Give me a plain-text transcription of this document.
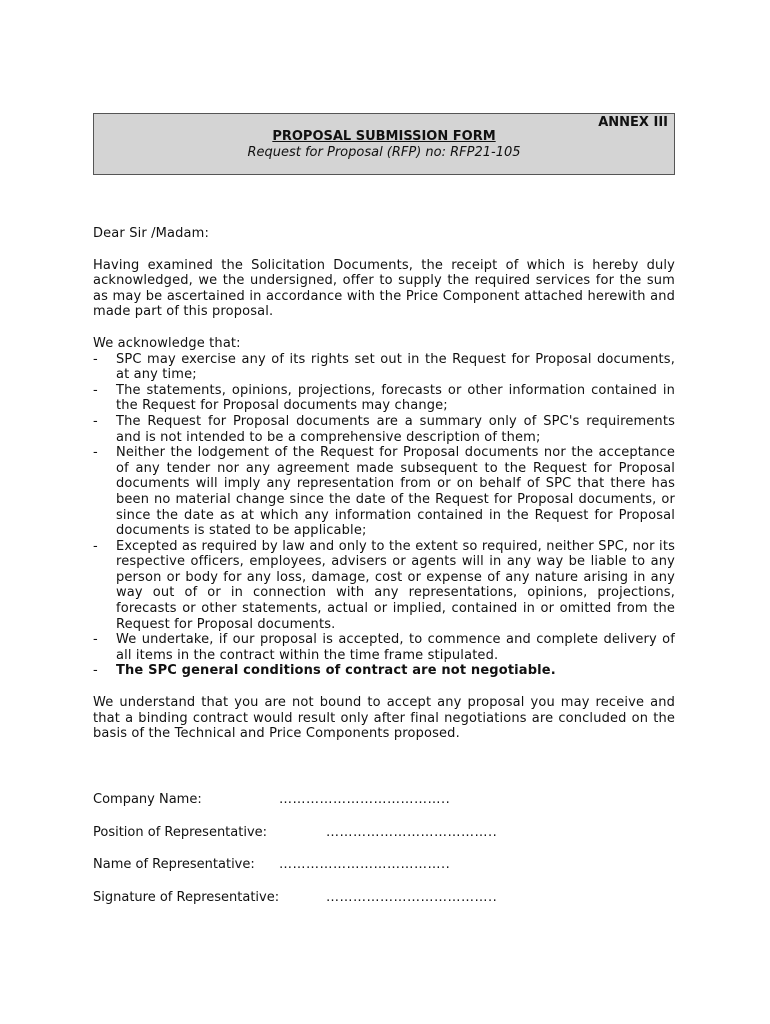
ANNEX III
PROPOSAL SUBMISSION FORM
Request for Proposal (RFP) no: RFP21-105

Dear Sir /Madam:

Having examined the Solicitation Documents, the receipt of which is hereby duly acknowledged, we the undersigned, offer to supply the required services for the sum as may be ascertained in accordance with the Price Component attached herewith and made part of this proposal.

We acknowledge that:

- SPC may exercise any of its rights set out in the Request for Proposal documents, at any time;
- The statements, opinions, projections, forecasts or other information contained in the Request for Proposal documents may change;
- The Request for Proposal documents are a summary only of SPC's requirements and is not intended to be a comprehensive description of them;
- Neither the lodgement of the Request for Proposal documents nor the acceptance of any tender nor any agreement made subsequent to the Request for Proposal documents will imply any representation from or on behalf of SPC that there has been no material change since the date of the Request for Proposal documents, or since the date as at which any information contained in the Request for Proposal documents is stated to be applicable;
- Excepted as required by law and only to the extent so required, neither SPC, nor its respective officers, employees, advisers or agents will in any way be liable to any person or body for any loss, damage, cost or expense of any nature arising in any way out of or in connection with any representations, opinions, projections, forecasts or other statements, actual or implied, contained in or omitted from the Request for Proposal documents.
- We undertake, if our proposal is accepted, to commence and complete delivery of all items in the contract within the time frame stipulated.
- The SPC general conditions of contract are not negotiable.

We understand that you are not bound to accept any proposal you may receive and that a binding contract would result only after final negotiations are concluded on the basis of the Technical and Price Components proposed.

Company Name:	………………………………..
Position of Representative:	………………………………..
Name of Representative: ………………………………..
Signature of Representative:	………………………………..
